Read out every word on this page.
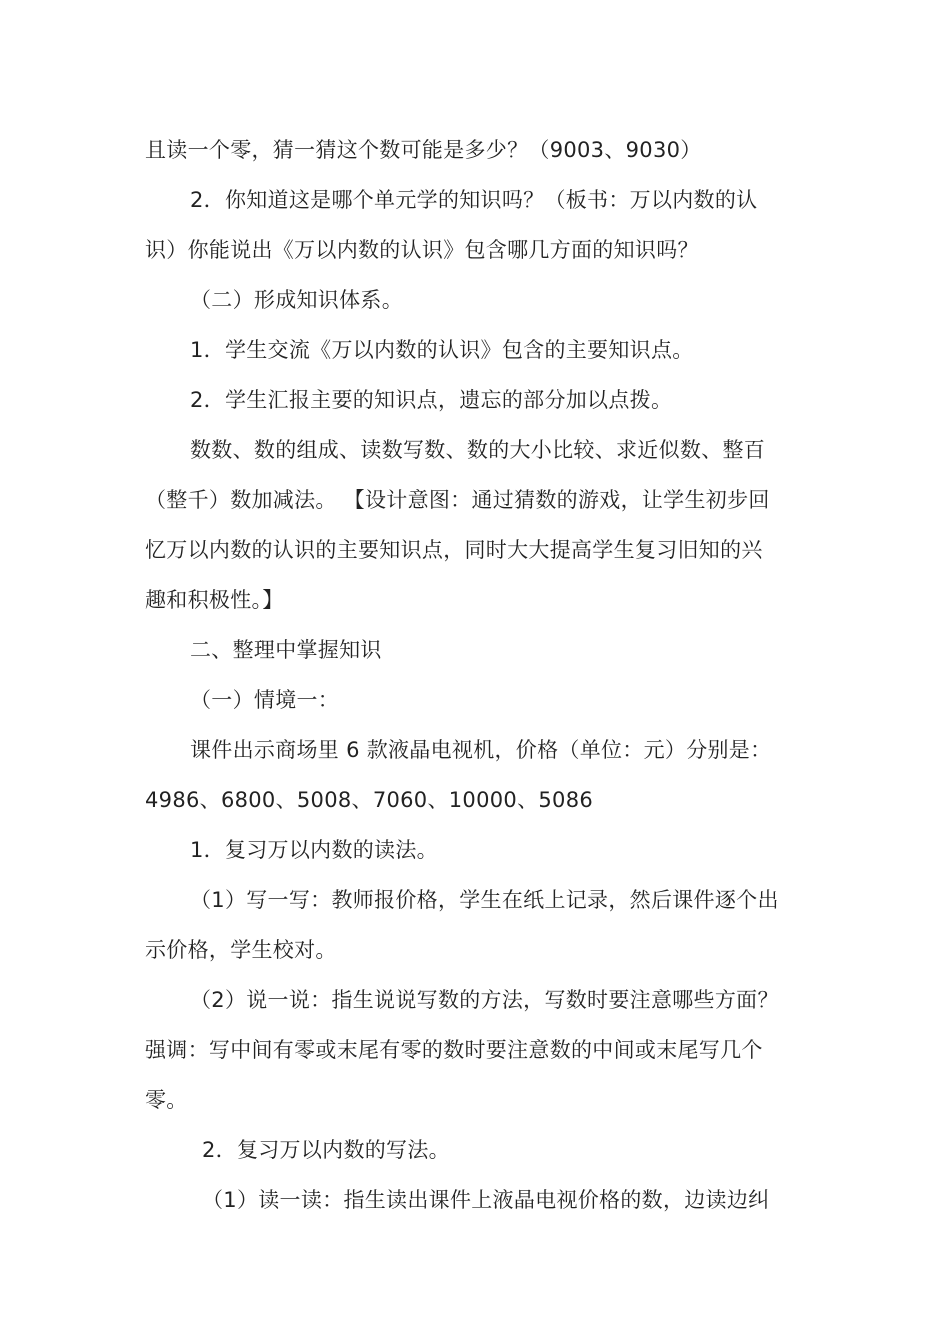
且读一个零，猜一猜这个数可能是多少？（9003、9030）
2．你知道这是哪个单元学的知识吗？（板书：万以内数的认
识）你能说出《万以内数的认识》包含哪几方面的知识吗？
（二）形成知识体系。
1．学生交流《万以内数的认识》包含的主要知识点。
2．学生汇报主要的知识点，遗忘的部分加以点拨。
数数、数的组成、读数写数、数的大小比较、求近似数、整百
（整千）数加减法。 【设计意图：通过猜数的游戏，让学生初步回
忆万以内数的认识的主要知识点，同时大大提高学生复习旧知的兴
趣和积极性。】
二、整理中掌握知识
（一）情境一：
课件出示商场里 6 款液晶电视机，价格（单位：元）分别是：
4986、6800、5008、7060、10000、5086
1．复习万以内数的读法。
（1）写一写：教师报价格，学生在纸上记录，然后课件逐个出
示价格，学生校对。
（2）说一说：指生说说写数的方法，写数时要注意哪些方面？
强调：写中间有零或末尾有零的数时要注意数的中间或末尾写几个
零。
2．复习万以内数的写法。
（1）读一读：指生读出课件上液晶电视价格的数，边读边纠
